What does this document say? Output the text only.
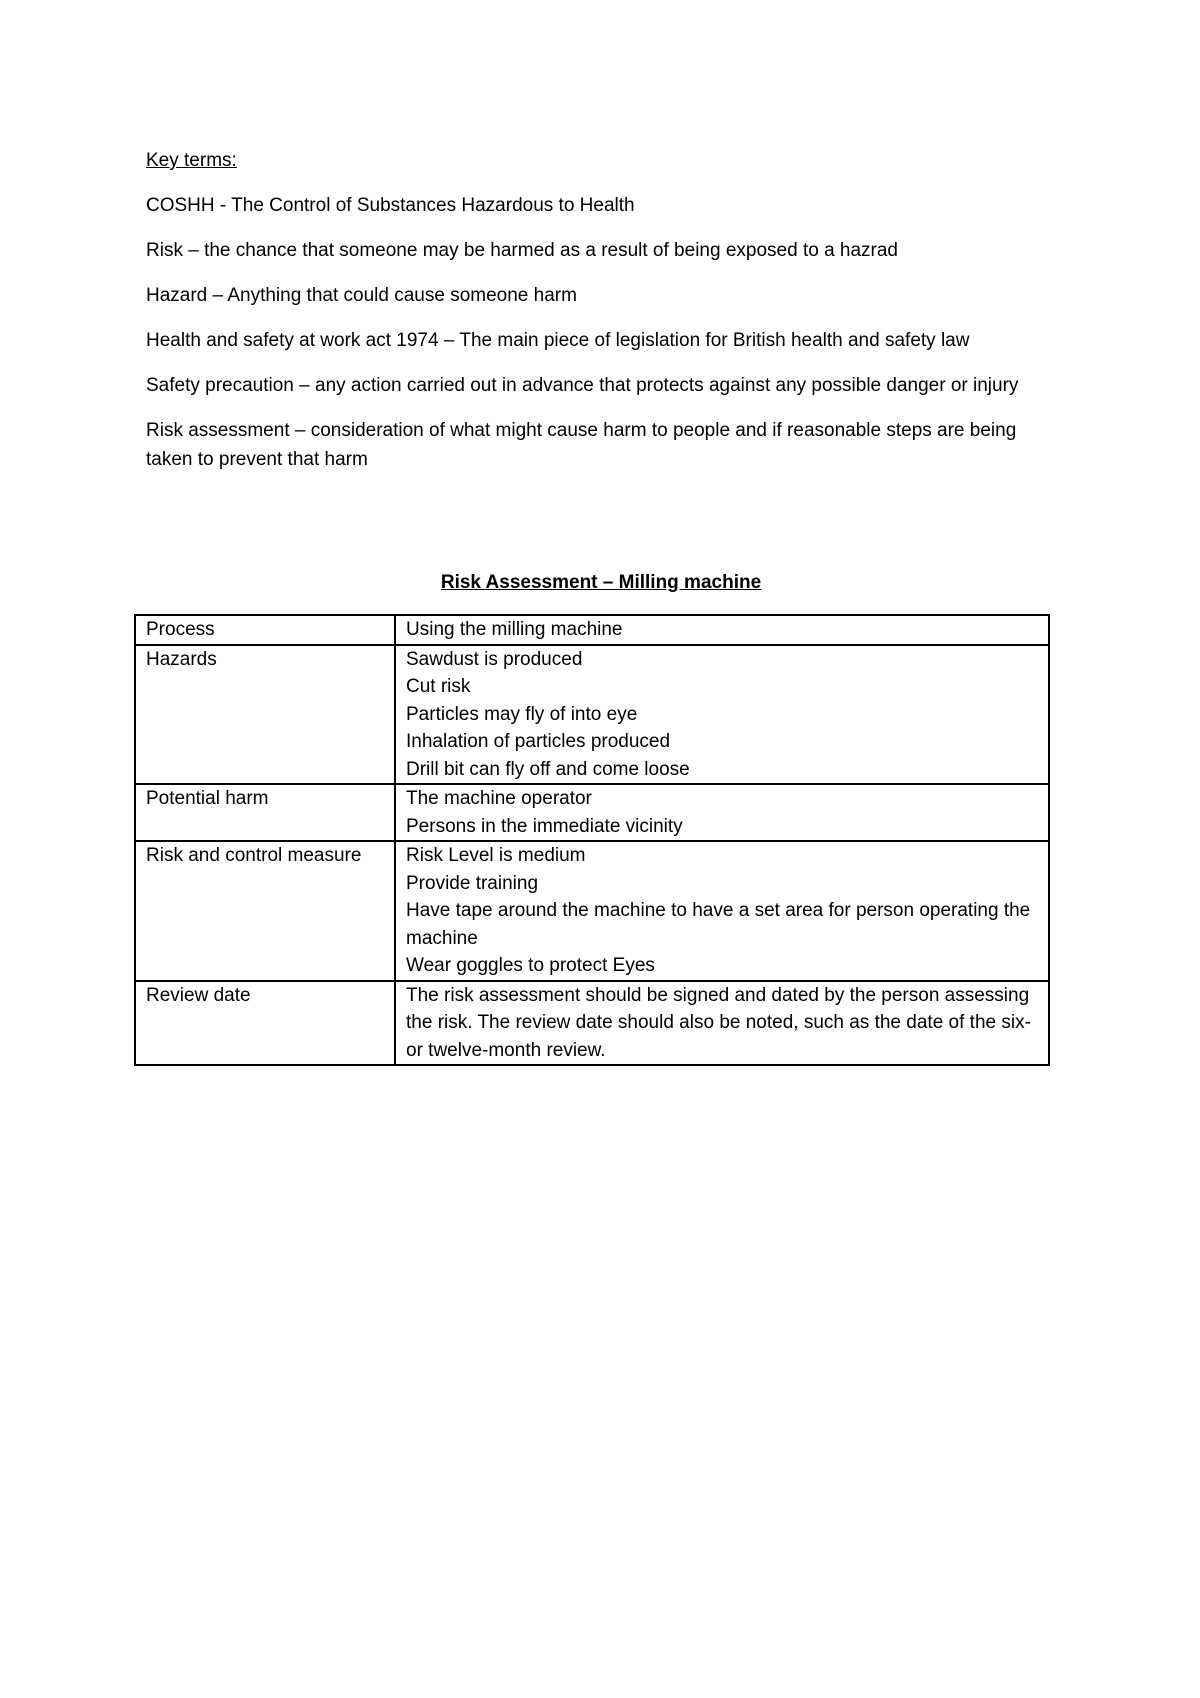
Key terms:

COSHH - The Control of Substances Hazardous to Health

Risk – the chance that someone may be harmed as a result of being exposed to a hazrad

Hazard – Anything that could cause someone harm

Health and safety at work act 1974 – The main piece of legislation for British health and safety law

Safety precaution – any action carried out in advance that protects against any possible danger or injury

Risk assessment – consideration of what might cause harm to people and if reasonable steps are being taken to prevent that harm

Risk Assessment – Milling machine
Process	Using the milling machine

Hazards	Sawdust is produced
Cut risk
Particles may fly of into eye
Inhalation of particles produced
Drill bit can fly off and come loose

Potential harm	The machine operator
Persons in the immediate vicinity

Risk and control measure	Risk Level is medium
Provide training
Have tape around the machine to have a set area for person operating the machine
Wear goggles to protect Eyes

Review date	The risk assessment should be signed and dated by the person assessing the risk. The review date should also be noted, such as the date of the six- or twelve-month review.
